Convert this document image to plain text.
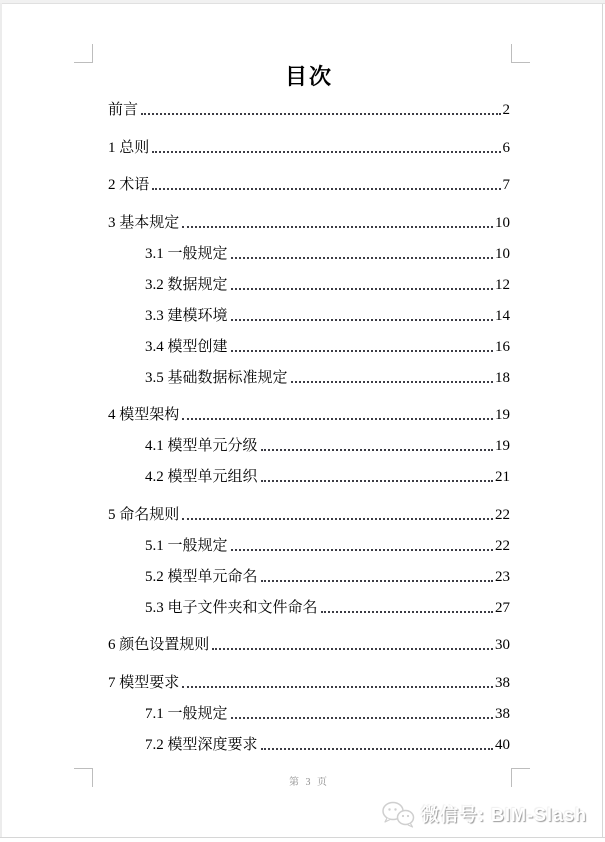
目次
前言	2
1 总则	6
2 术语	7
3 基本规定	10
3.1 一般规定	10
3.2 数据规定	12
3.3 建模环境	14
3.4 模型创建	16
3.5 基础数据标准规定	18
4 模型架构	19
4.1 模型单元分级	19
4.2 模型单元组织	21
5 命名规则	22
5.1 一般规定	22
5.2 模型单元命名	23
5.3 电子文件夹和文件命名	27
6 颜色设置规则	30
7 模型要求	38
7.1 一般规定	38
7.2 模型深度要求	40
第 3 页
微信号: BIM-Slash
